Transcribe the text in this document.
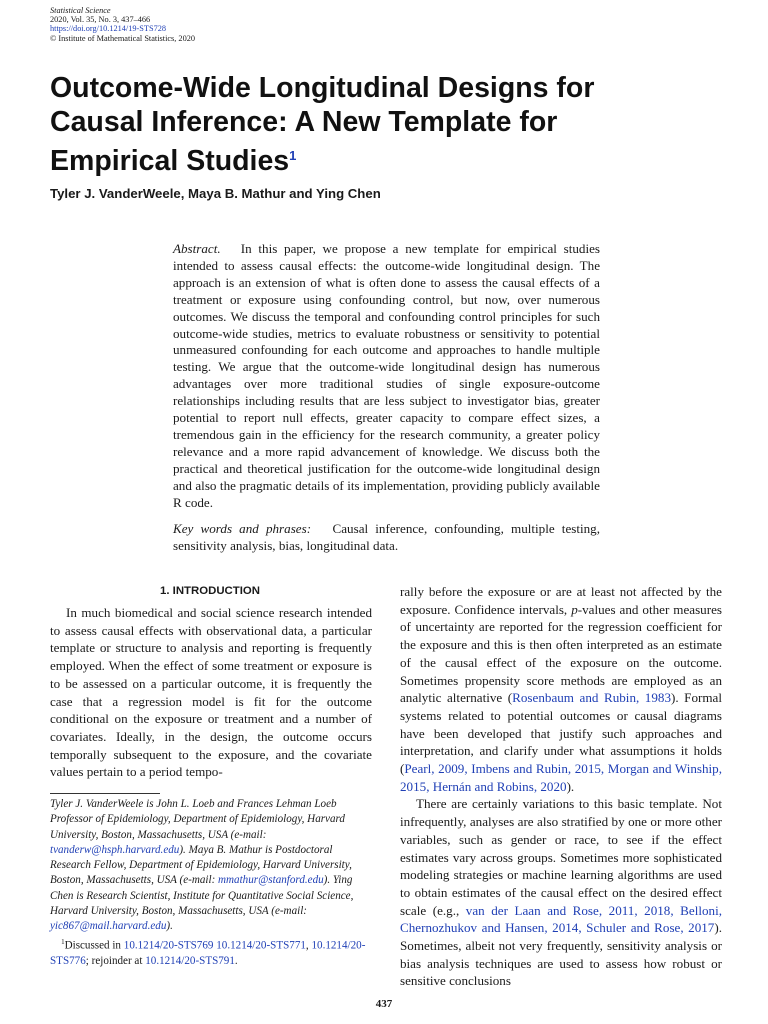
Statistical Science
2020, Vol. 35, No. 3, 437–466
https://doi.org/10.1214/19-STS728
© Institute of Mathematical Statistics, 2020
Outcome-Wide Longitudinal Designs for
Causal Inference: A New Template for
Empirical Studies$^1$

Tyler J. VanderWeele, Maya B. Mathur and Ying Chen

Abstract. In this paper, we propose a new template for empirical studies intended to assess causal effects: the outcome-wide longitudinal design. The approach is an extension of what is often done to assess the causal effects of a treatment or exposure using confounding control, but now, over numerous outcomes. We discuss the temporal and confounding control principles for such outcome-wide studies, metrics to evaluate robustness or sensitivity to potential unmeasured confounding for each outcome and approaches to handle multiple testing. We argue that the outcome-wide longitudinal design has numerous advantages over more traditional studies of single exposure-outcome relationships including results that are less subject to investigator bias, greater potential to report null effects, greater capacity to compare effect sizes, a tremendous gain in the efficiency for the research community, a greater policy relevance and a more rapid advancement of knowledge. We discuss both the practical and theoretical justification for the outcome-wide longitudinal design and also the pragmatic details of its implementation, providing publicly available R code.

Key words and phrases: Causal inference, confounding, multiple testing, sensitivity analysis, bias, longitudinal data.
1. INTRODUCTION

In much biomedical and social science research intended to assess causal effects with observational data, a particular template or structure to analysis and reporting is frequently employed. When the effect of some treatment or exposure is to be assessed on a particular outcome, it is frequently the case that a regression model is fit for the outcome conditional on the exposure or treatment and a number of covariates. Ideally, in the design, the outcome occurs temporally subsequent to the exposure, and the covariate values pertain to a period tempo-

rally before the exposure or are at least not affected by the exposure. Confidence intervals, p-values and other measures of uncertainty are reported for the regression coefficient for the exposure and this is then often interpreted as an estimate of the causal effect of the exposure on the outcome. Sometimes propensity score methods are employed as an analytic alternative (Rosenbaum and Rubin, 1983). Formal systems related to potential outcomes or causal diagrams have been developed that justify such approaches and interpretation, and clarify under what assumptions it holds (Pearl, 2009, Imbens and Rubin, 2015, Morgan and Winship, 2015, Hernán and Robins, 2020).

There are certainly variations to this basic template. Not infrequently, analyses are also stratified by one or more other variables, such as gender or race, to see if the effect estimates vary across groups. Sometimes more sophisticated modeling strategies or machine learning algorithms are used to obtain estimates of the causal effect on the desired effect scale (e.g., van der Laan and Rose, 2011, 2018, Belloni, Chernozhukov and Hansen, 2014, Schuler and Rose, 2017). Sometimes, albeit not very frequently, sensitivity analysis or bias analysis techniques are used to assess how robust or sensitive conclusions

Tyler J. VanderWeele is John L. Loeb and Frances Lehman Loeb Professor of Epidemiology, Department of Epidemiology, Harvard University, Boston, Massachusetts, USA (e-mail: tvanderw@hsph.harvard.edu). Maya B. Mathur is Postdoctoral Research Fellow, Department of Epidemiology, Harvard University, Boston, Massachusetts, USA (e-mail: mmathur@stanford.edu). Ying Chen is Research Scientist, Institute for Quantitative Social Science, Harvard University, Boston, Massachusetts, USA (e-mail: yic867@mail.harvard.edu).

$^1$Discussed in 10.1214/20-STS769 10.1214/20-STS771, 10.1214/20-STS776; rejoinder at 10.1214/20-STS791.

437
